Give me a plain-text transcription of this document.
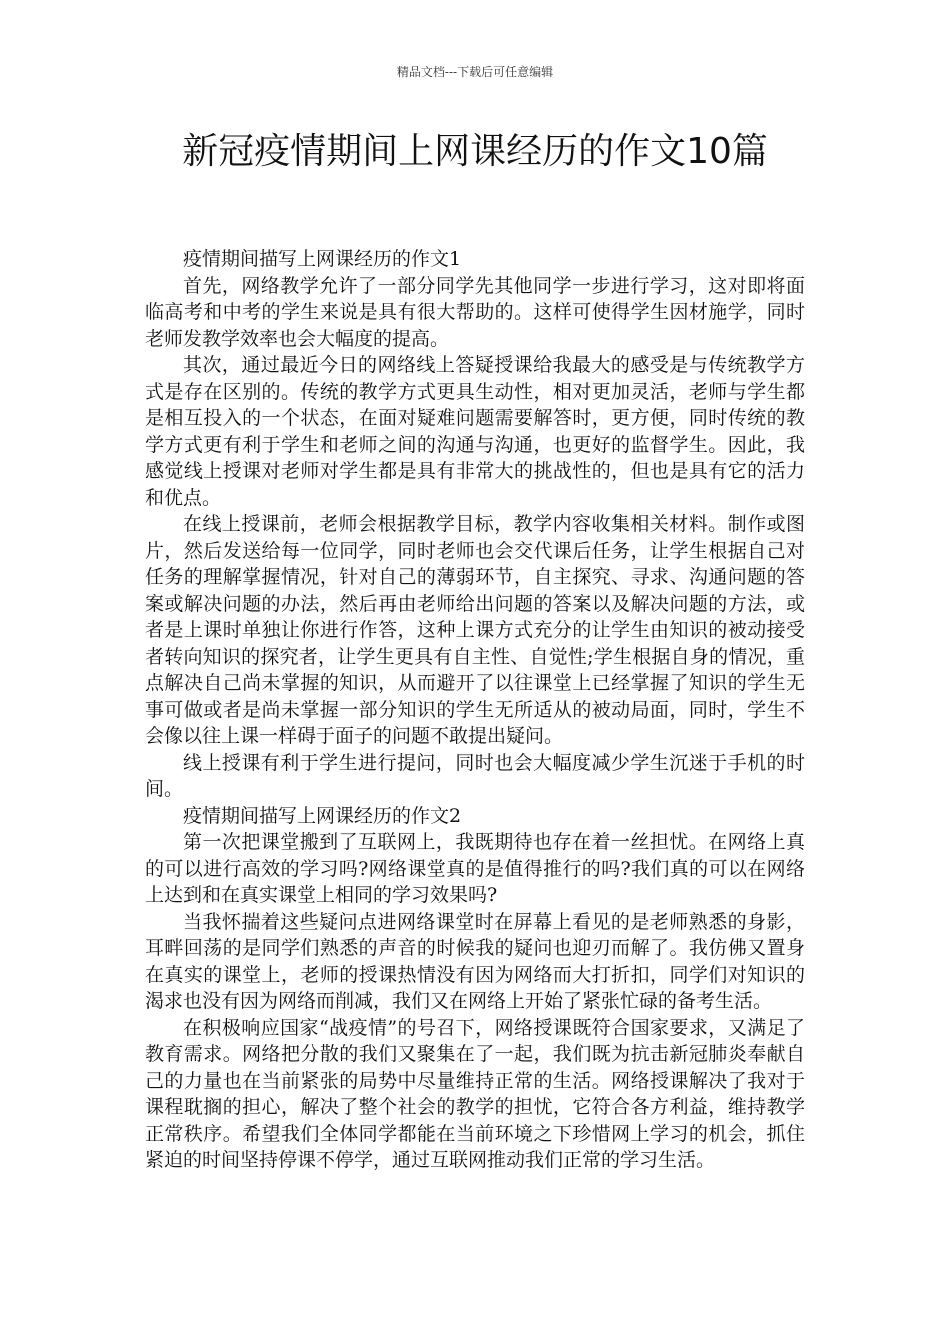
精品文档---下载后可任意编辑
新冠疫情期间上网课经历的作文10篇

疫情期间描写上网课经历的作文1

首先，网络教学允许了一部分同学先其他同学一步进行学习，这对即将面临高考和中考的学生来说是具有很大帮助的。这样可使得学生因材施学，同时老师发教学效率也会大幅度的提高。

其次，通过最近今日的网络线上答疑授课给我最大的感受是与传统教学方式是存在区别的。传统的教学方式更具生动性，相对更加灵活，老师与学生都是相互投入的一个状态，在面对疑难问题需要解答时，更方便，同时传统的教学方式更有利于学生和老师之间的沟通与沟通，也更好的监督学生。因此，我感觉线上授课对老师对学生都是具有非常大的挑战性的，但也是具有它的活力和优点。

在线上授课前，老师会根据教学目标，教学内容收集相关材料。制作或图片，然后发送给每一位同学，同时老师也会交代课后任务，让学生根据自己对任务的理解掌握情况，针对自己的薄弱环节，自主探究、寻求、沟通问题的答案或解决问题的办法，然后再由老师给出问题的答案以及解决问题的方法，或者是上课时单独让你进行作答，这种上课方式充分的让学生由知识的被动接受者转向知识的探究者，让学生更具有自主性、自觉性;学生根据自身的情况，重点解决自己尚未掌握的知识，从而避开了以往课堂上已经掌握了知识的学生无事可做或者是尚未掌握一部分知识的学生无所适从的被动局面，同时，学生不会像以往上课一样碍于面子的问题不敢提出疑问。

线上授课有利于学生进行提问，同时也会大幅度减少学生沉迷于手机的时间。

疫情期间描写上网课经历的作文2

第一次把课堂搬到了互联网上，我既期待也存在着一丝担忧。在网络上真的可以进行高效的学习吗?网络课堂真的是值得推行的吗?我们真的可以在网络上达到和在真实课堂上相同的学习效果吗?

当我怀揣着这些疑问点进网络课堂时在屏幕上看见的是老师熟悉的身影，耳畔回荡的是同学们熟悉的声音的时候我的疑问也迎刃而解了。我仿佛又置身在真实的课堂上，老师的授课热情没有因为网络而大打折扣，同学们对知识的渴求也没有因为网络而削减，我们又在网络上开始了紧张忙碌的备考生活。

在积极响应国家“战疫情”的号召下，网络授课既符合国家要求，又满足了教育需求。网络把分散的我们又聚集在了一起，我们既为抗击新冠肺炎奉献自己的力量也在当前紧张的局势中尽量维持正常的生活。网络授课解决了我对于课程耽搁的担心，解决了整个社会的教学的担忧，它符合各方利益，维持教学正常秩序。希望我们全体同学都能在当前环境之下珍惜网上学习的机会，抓住紧迫的时间坚持停课不停学，通过互联网推动我们正常的学习生活。
